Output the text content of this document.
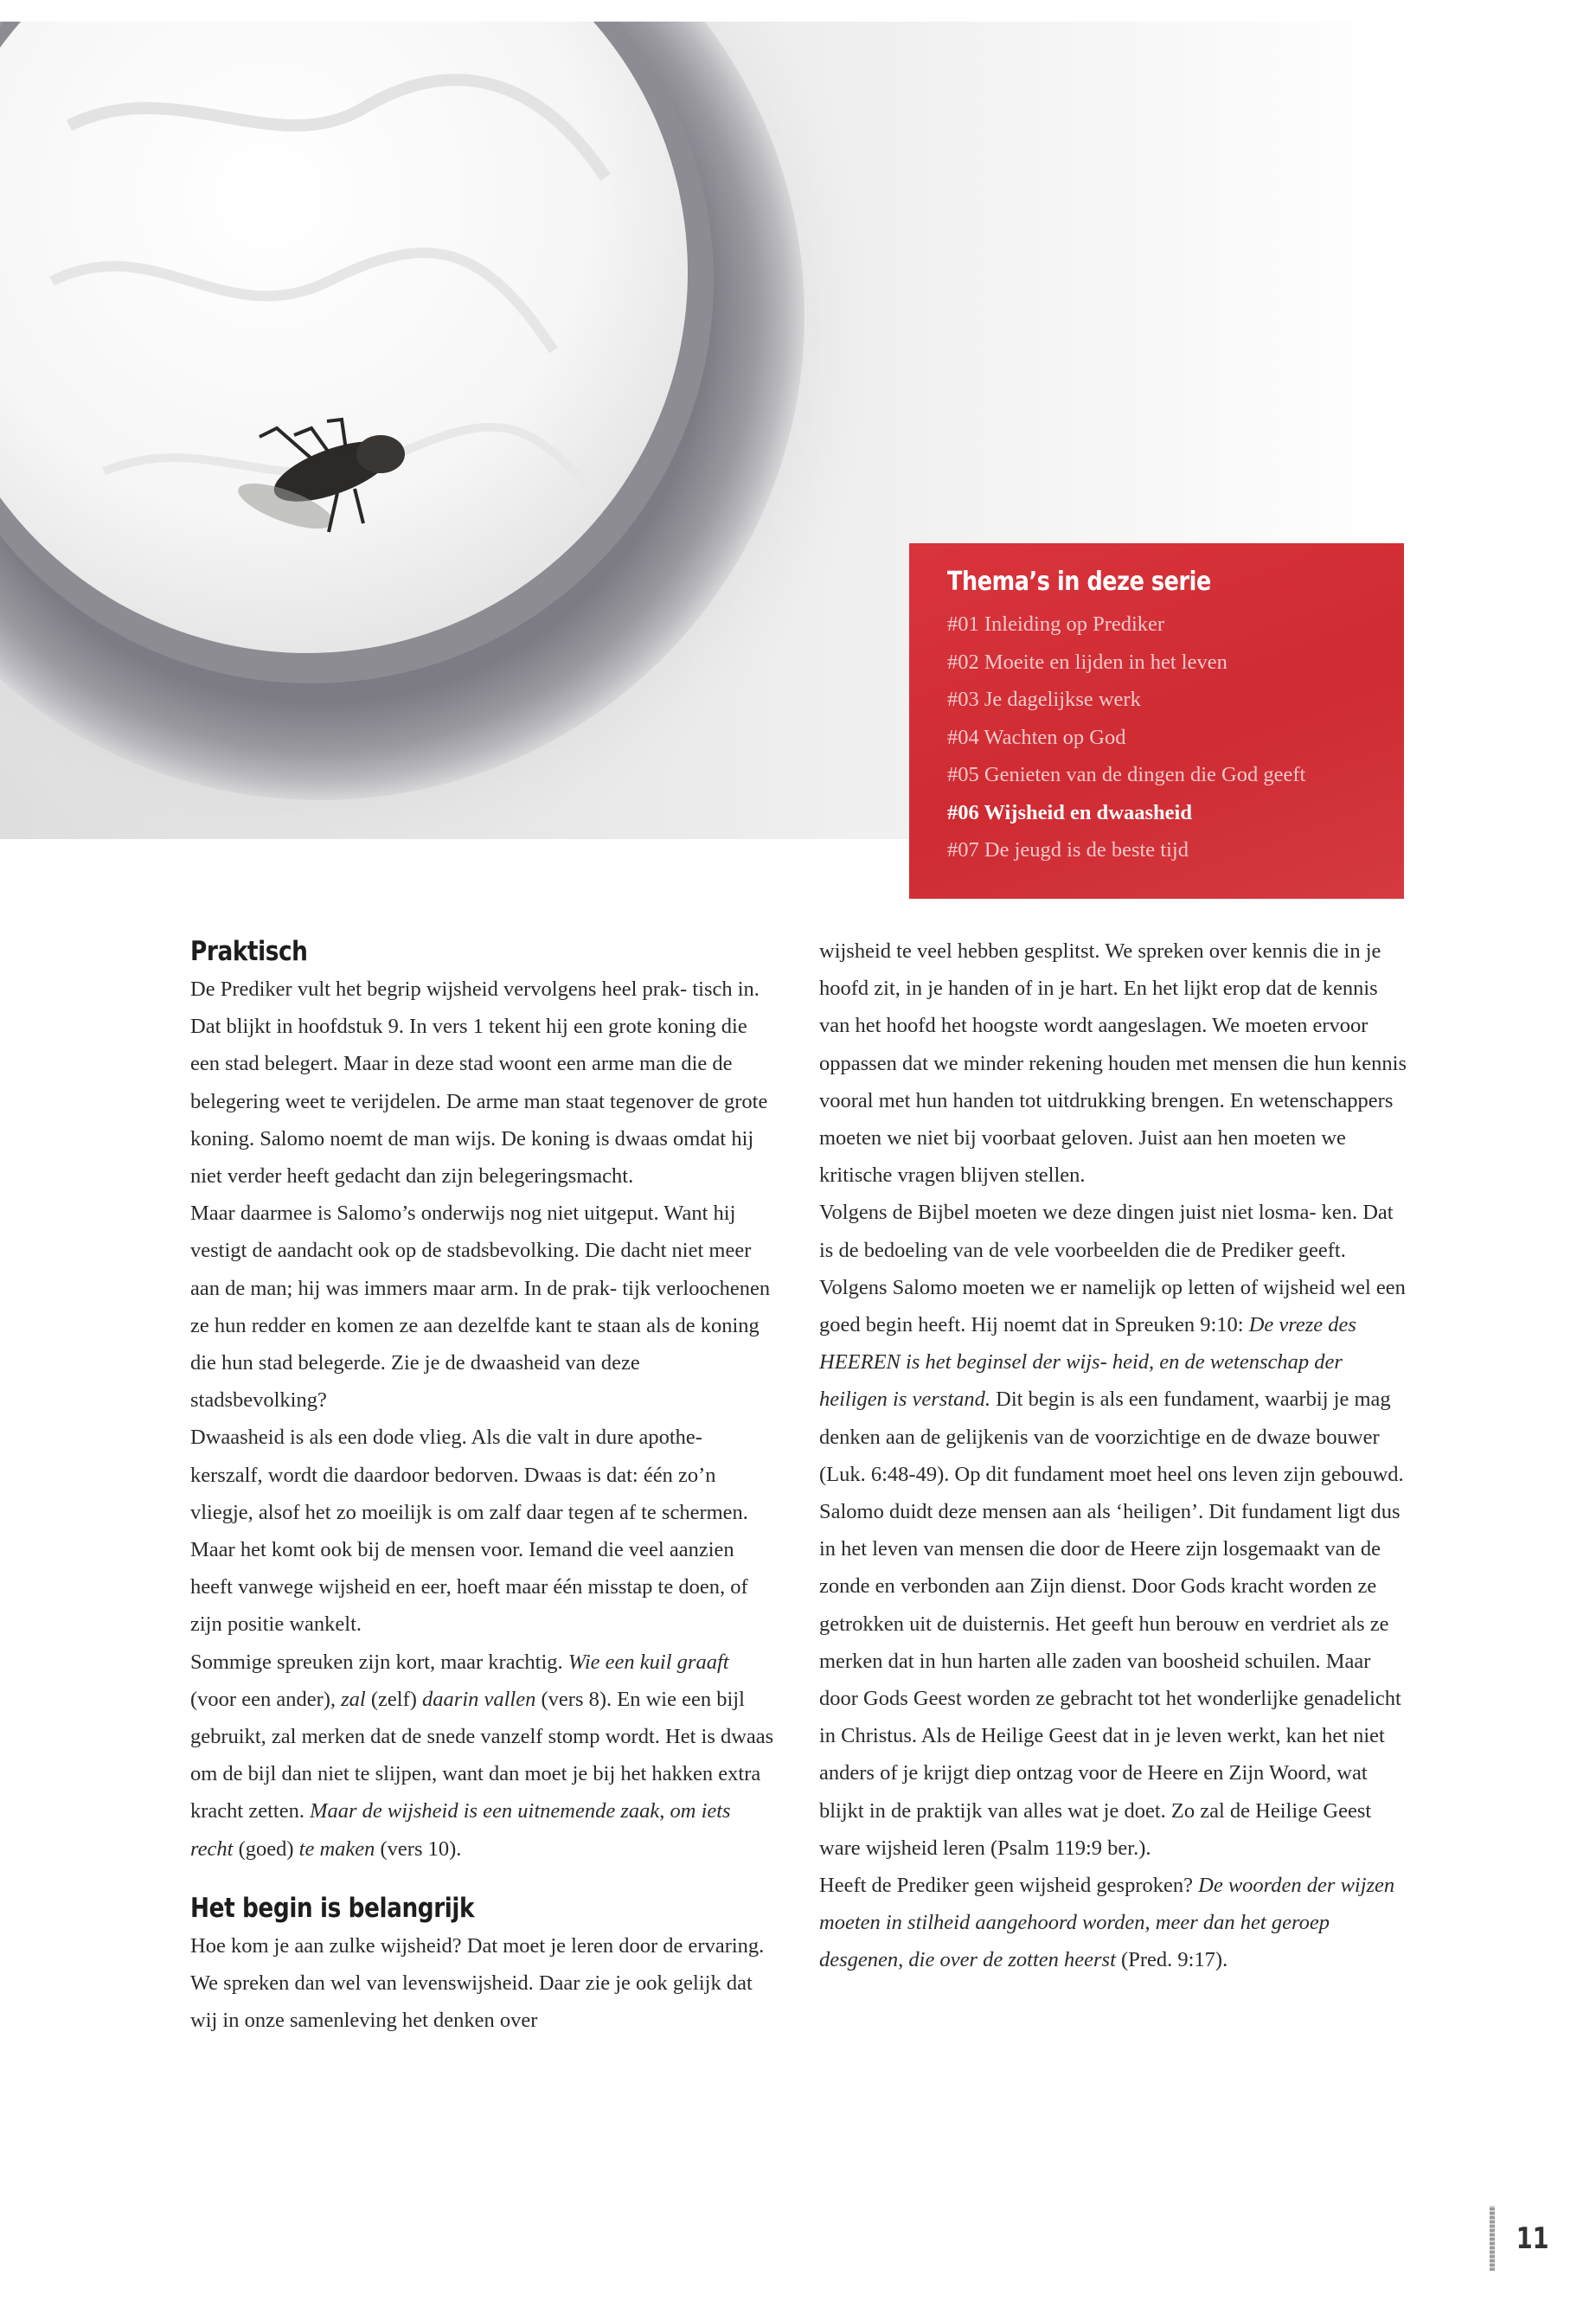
Thema’s in deze serie
#01 Inleiding op Prediker
#02 Moeite en lijden in het leven
#03 Je dagelijkse werk
#04 Wachten op God
#05 Genieten van de dingen die God geeft
#06 Wijsheid en dwaasheid
#07 De jeugd is de beste tijd
Praktisch

De Prediker vult het begrip wijsheid vervolgens heel prak- tisch in. Dat blijkt in hoofdstuk 9. In vers 1 tekent hij een grote koning die een stad belegert. Maar in deze stad woont een arme man die de belegering weet te verijdelen. De arme man staat tegenover de grote koning. Salomo noemt de man wijs. De koning is dwaas omdat hij niet verder heeft gedacht dan zijn belegeringsmacht.

Maar daarmee is Salomo’s onderwijs nog niet uitgeput. Want hij vestigt de aandacht ook op de stadsbevolking. Die dacht niet meer aan de man; hij was immers maar arm. In de prak- tijk verloochenen ze hun redder en komen ze aan dezelfde kant te staan als de koning die hun stad belegerde. Zie je de dwaasheid van deze stadsbevolking?

Dwaasheid is als een dode vlieg. Als die valt in dure apothe- kerszalf, wordt die daardoor bedorven. Dwaas is dat: één zo’n vliegje, alsof het zo moeilijk is om zalf daar tegen af te schermen. Maar het komt ook bij de mensen voor. Iemand die veel aanzien heeft vanwege wijsheid en eer, hoeft maar één misstap te doen, of zijn positie wankelt.

Sommige spreuken zijn kort, maar krachtig. Wie een kuil graaft (voor een ander), zal (zelf) daarin vallen (vers 8). En wie een bijl gebruikt, zal merken dat de snede vanzelf stomp wordt. Het is dwaas om de bijl dan niet te slijpen, want dan moet je bij het hakken extra kracht zetten. Maar de wijsheid is een uitnemende zaak, om iets recht (goed) te maken (vers 10).

Het begin is belangrijk

Hoe kom je aan zulke wijsheid? Dat moet je leren door de ervaring. We spreken dan wel van levenswijsheid. Daar zie je ook gelijk dat wij in onze samenleving het denken over

wijsheid te veel hebben gesplitst. We spreken over kennis die in je hoofd zit, in je handen of in je hart. En het lijkt erop dat de kennis van het hoofd het hoogste wordt aangeslagen. We moeten ervoor oppassen dat we minder rekening houden met mensen die hun kennis vooral met hun handen tot uitdrukking brengen. En wetenschappers moeten we niet bij voorbaat geloven. Juist aan hen moeten we kritische vragen blijven stellen.

Volgens de Bijbel moeten we deze dingen juist niet losma- ken. Dat is de bedoeling van de vele voorbeelden die de Prediker geeft. Volgens Salomo moeten we er namelijk op letten of wijsheid wel een goed begin heeft. Hij noemt dat in Spreuken 9:10: De vreze des HEEREN is het beginsel der wijs- heid, en de wetenschap der heiligen is verstand. Dit begin is als een fundament, waarbij je mag denken aan de gelijkenis van de voorzichtige en de dwaze bouwer (Luk. 6:48-49). Op dit fundament moet heel ons leven zijn gebouwd.

Salomo duidt deze mensen aan als ‘heiligen’. Dit fundament ligt dus in het leven van mensen die door de Heere zijn losgemaakt van de zonde en verbonden aan Zijn dienst. Door Gods kracht worden ze getrokken uit de duisternis. Het geeft hun berouw en verdriet als ze merken dat in hun harten alle zaden van boosheid schuilen. Maar door Gods Geest worden ze gebracht tot het wonderlijke genadelicht in Christus. Als de Heilige Geest dat in je leven werkt, kan het niet anders of je krijgt diep ontzag voor de Heere en Zijn Woord, wat blijkt in de praktijk van alles wat je doet. Zo zal de Heilige Geest ware wijsheid leren (Psalm 119:9 ber.).

Heeft de Prediker geen wijsheid gesproken? De woorden der wijzen moeten in stilheid aangehoord worden, meer dan het geroep desgenen, die over de zotten heerst (Pred. 9:17).

11
